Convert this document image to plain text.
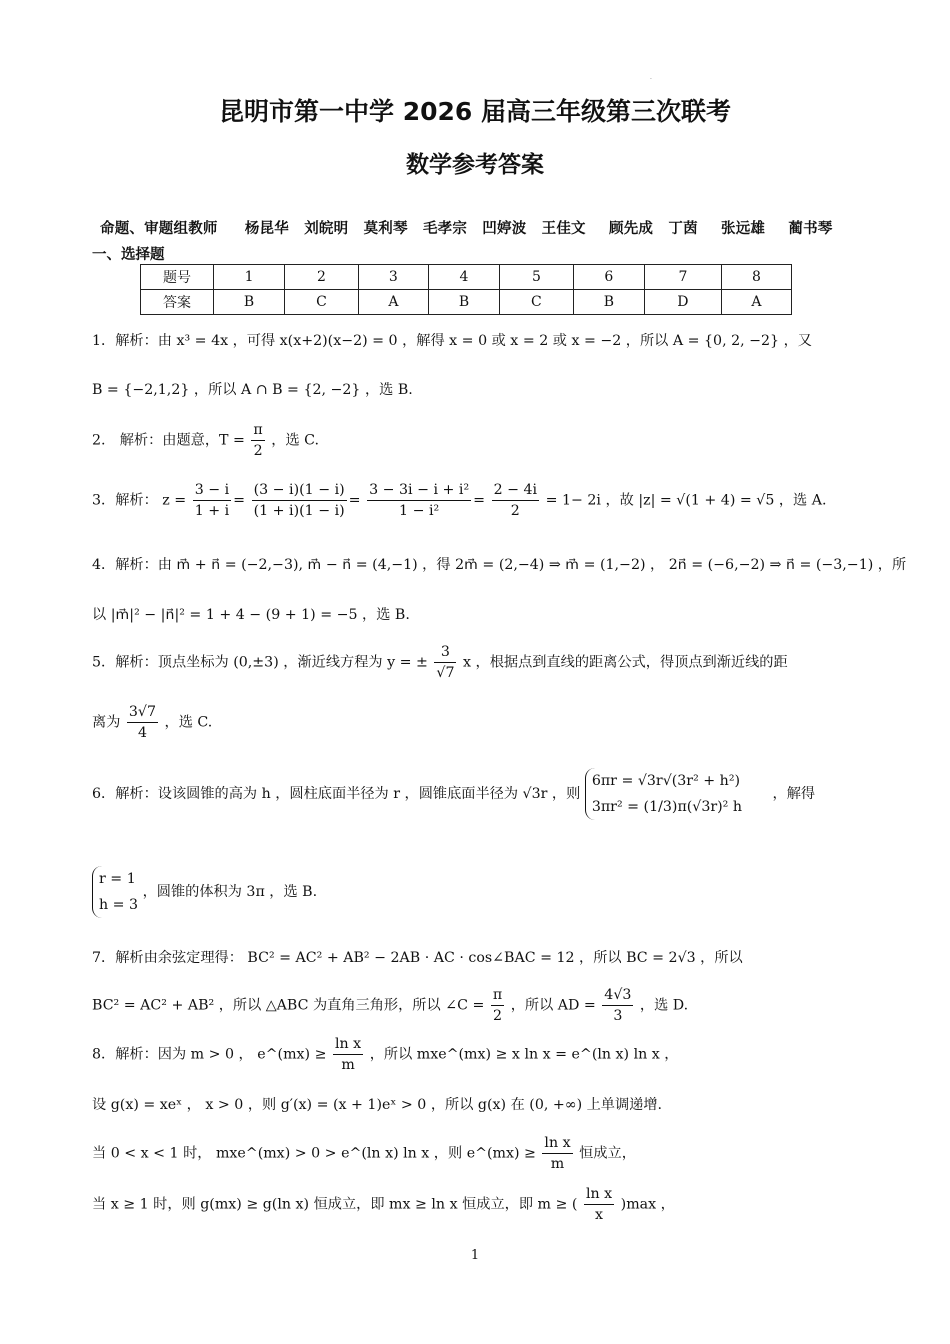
·
昆明市第一中学 2026 届高三年级第三次联考
数学参考答案
命题、审题组教师 杨昆华 刘皖明 莫利琴 毛孝宗 凹婷波 王佳文 顾先成 丁茵 张远雄 蔺书琴
一、选择题
题号	1	2	3	4	5	6	7	8
答案	B	C	A	B	C	B	D	A
1．解析：由 x³ = 4x ，可得 x(x+2)(x−2) = 0 ，解得 x = 0 或 x = 2 或 x = −2 ，所以 A = {0, 2, −2} ，又
B = {−2,1,2} ，所以 A ∩ B = {2, −2} ，选 B.
2.　解析：由题意，$T = \frac{\pi}{2}$ ，选 C.
3．解析： $z = \frac{3 - i}{1 + i} = \frac{(3 - i)(1 - i)}{(1 + i)(1 - i)} = \frac{\text{3 − 3i − i + i²}}{\text{1 − i²}} = \frac{2 - 4i}{2} = 1- 2i$ ，故 |z| = √(1 + 4) = √5 ，选 A.
4．解析：由 m⃗ + n⃗ = (−2,−3), m⃗ − n⃗ = (4,−1) ，得 2m⃗ = (2,−4) ⇒ m⃗ = (1,−2) ， 2n⃗ = (−6,−2) ⇒ n⃗ = (−3,−1) ，所
以 |m⃗|² − |n⃗|² = 1 + 4 − (9 + 1) = −5 ，选 B.
5．解析：顶点坐标为 (0,±3) ，渐近线方程为 y = ± $\frac{3}{√7}$ x ，根据点到直线的距离公式，得顶点到渐近线的距
离为 $\frac{3√7}{4}$ ，选 C.
6．解析：设该圆锥的高为 h ，圆柱底面半径为 r ，圆锥底面半径为 √3r ，则
6πr = √3r√(3r² + h²)
3πr² = (1/3)π(√3r)² h
，解得
r = 1
h = 3
，圆锥的体积为 3π ，选 B.
7．解析由余弦定理得： BC² = AC² + AB² − 2AB · AC · cos∠BAC = 12 ，所以 BC = 2√3 ，所以
BC² = AC² + AB² ，所以 △ABC 为直角三角形，所以 ∠C = $\frac{\pi}{2}$ ，所以 AD = $\frac{4√3}{3}$ ，选 D.
8．解析：因为 m > 0 ， e^(mx) ≥ $\frac{\text{ln x}}{m}$ ，所以 mxe^(mx) ≥ x ln x = e^(ln x) ln x ，
设 g(x) = xeˣ ， x > 0 ，则 g′(x) = (x + 1)eˣ > 0 ，所以 g(x) 在 (0, +∞) 上单调递增.
当 0 < x < 1 时， mxe^(mx) > 0 > e^(ln x) ln x ，则 e^(mx) ≥ $\frac{\text{ln x}}{m}$ 恒成立，
当 x ≥ 1 时，则 g(mx) ≥ g(ln x) 恒成立，即 mx ≥ ln x 恒成立，即 m ≥ ( $\frac{\text{ln x}}{x} )\max$ ，
1
